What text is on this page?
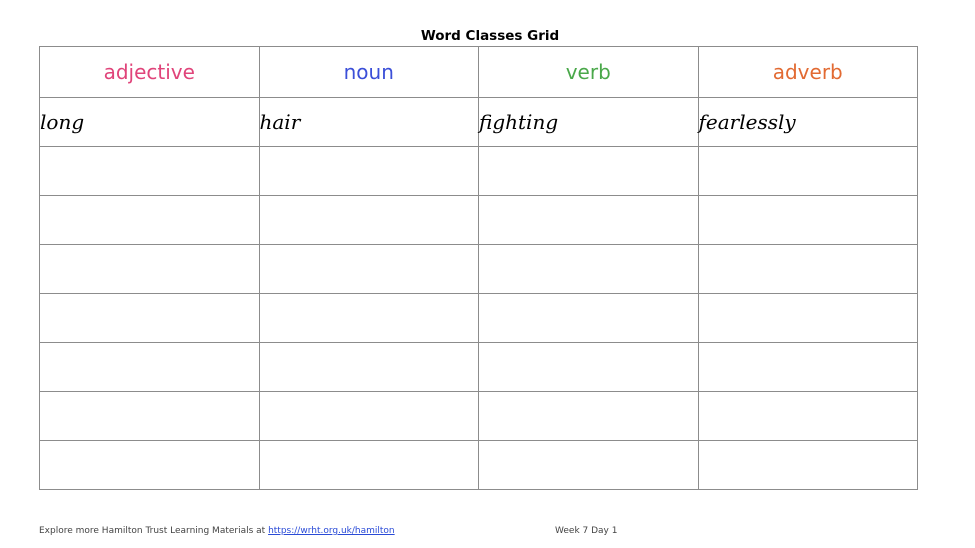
Word Classes Grid
adjective	noun	verb	adverb
long	hair	fighting	fearlessly

Explore more Hamilton Trust Learning Materials at https://wrht.org.uk/hamilton	Week 7 Day 1
